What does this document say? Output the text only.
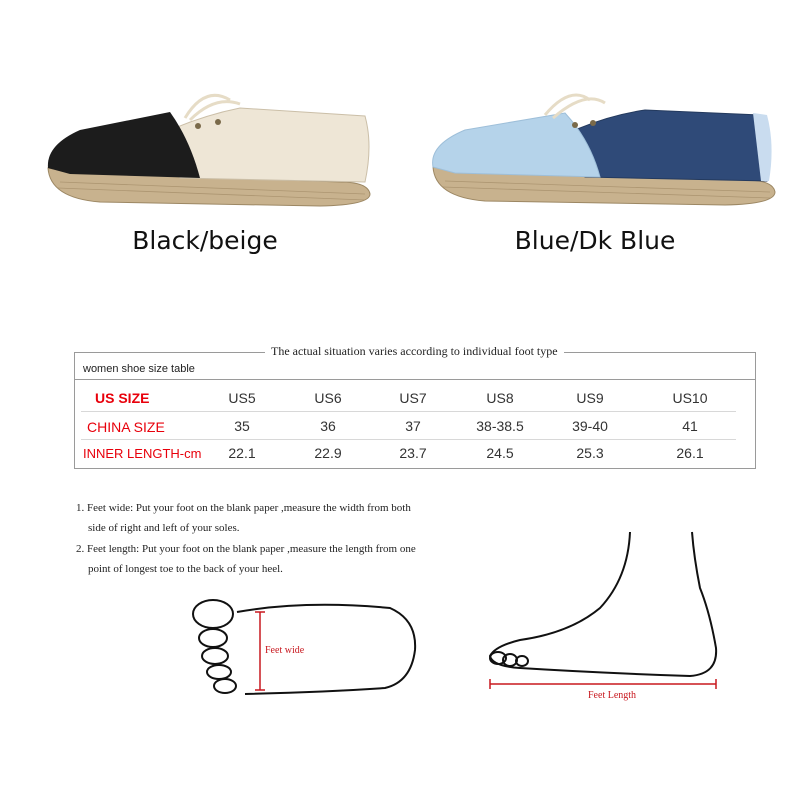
Black/beige	Blue/Dk Blue
The actual situation varies according to individual foot type
women shoe size table
US SIZE	US5	US6	US7	US8	US9	US10
CHINA SIZE	35	36	37	38-38.5	39-40	41
INNER LENGTH-cm	22.1	22.9	23.7	24.5	25.3	26.1
1. Feet wide: Put your foot on the blank paper ,measure the width from both
side of right and left of your soles.
2. Feet length: Put your foot on the blank paper ,measure the length from one
point of longest toe to the back of your heel.
Feet wide
Feet Length
